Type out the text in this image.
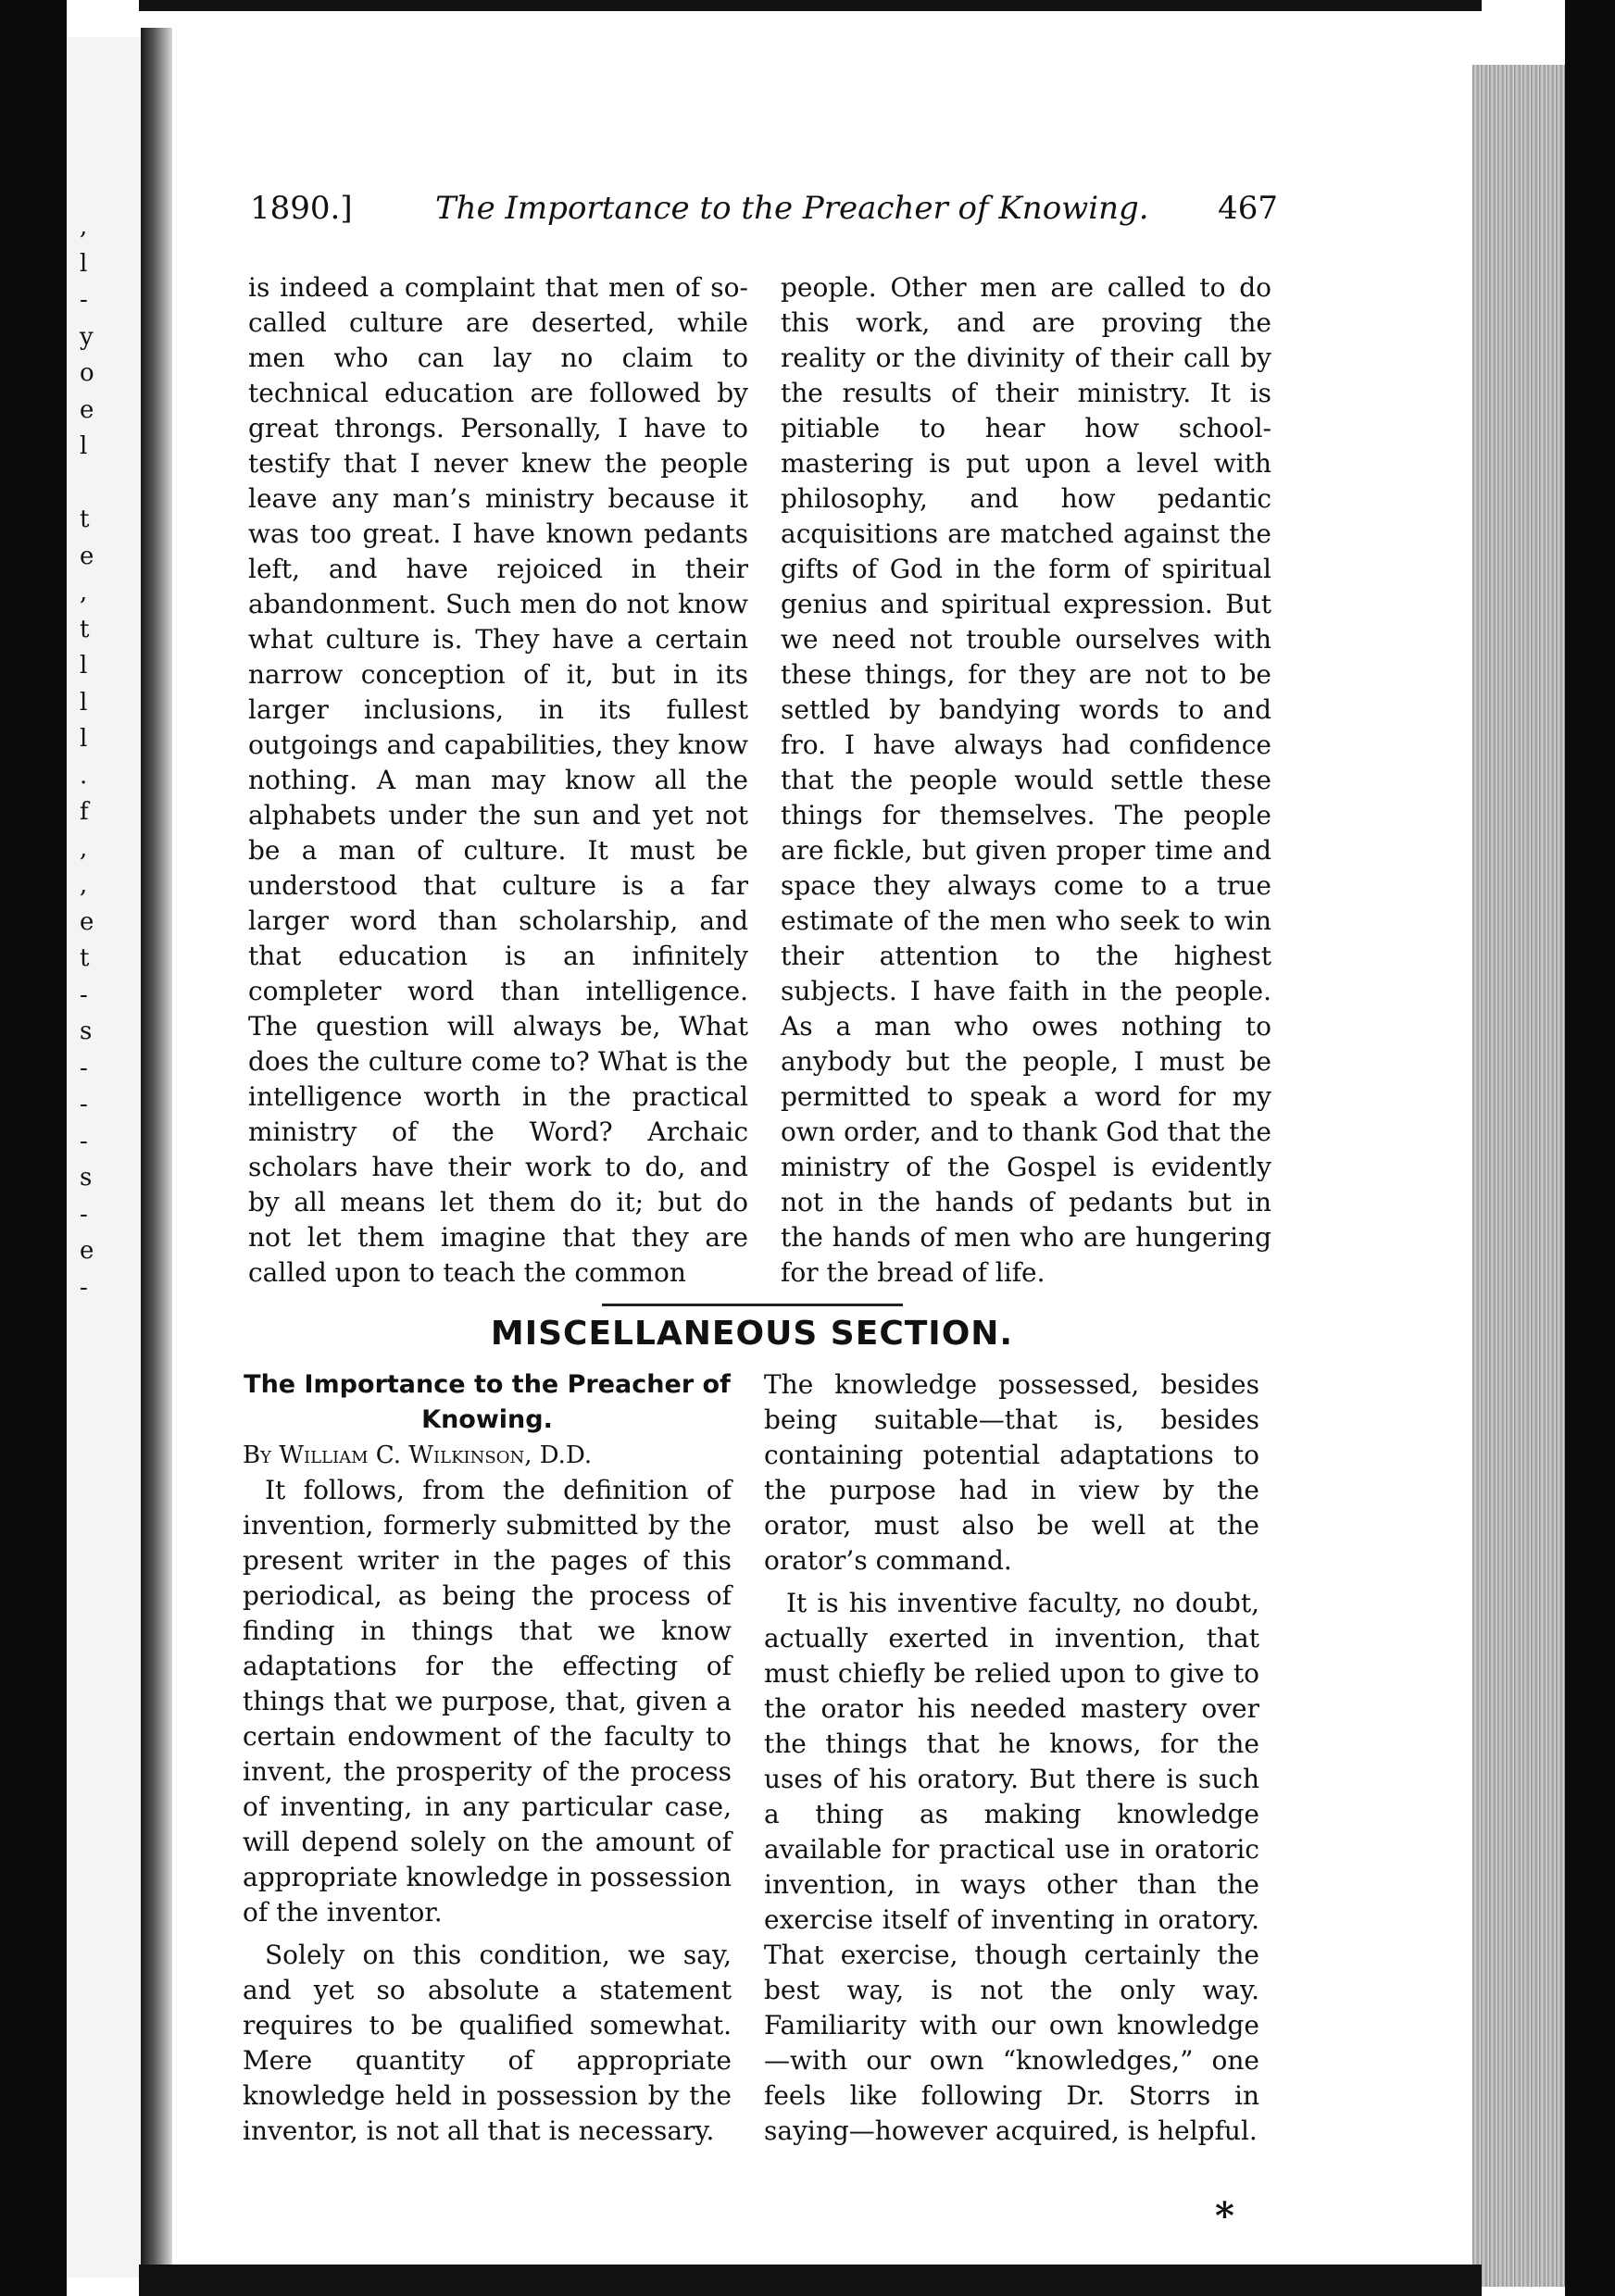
,
l
-
y
o
e
l
t
e
,
t
l
l
l
.
f
,
,
e
t
-
s
-
-
-
s
-
e
-
1890.]	The Importance to the Preacher of Knowing. 467

is indeed a complaint that men of so-called culture are deserted, while men who can lay no claim to technical education are followed by great throngs. Personally, I have to testify that I never knew the people leave any man’s ministry because it was too great. I have known pedants left, and have rejoiced in their abandonment. Such men do not know what culture is. They have a certain narrow conception of it, but in its larger inclusions, in its fullest outgoings and capabilities, they know nothing. A man may know all the alphabets under the sun and yet not be a man of culture. It must be understood that culture is a far larger word than scholarship, and that education is an infinitely completer word than intelligence. The question will always be, What does the culture come to? What is the intelligence worth in the practical ministry of the Word? Archaic scholars have their work to do, and by all means let them do it; but do not let them imagine that they are called upon to teach the common

people. Other men are called to do this work, and are proving the reality or the divinity of their call by the results of their ministry. It is pitiable to hear how school-mastering is put upon a level with philosophy, and how pedantic acquisitions are matched against the gifts of God in the form of spiritual genius and spiritual expression. But we need not trouble ourselves with these things, for they are not to be settled by bandying words to and fro. I have always had confidence that the people would settle these things for themselves. The people are fickle, but given proper time and space they always come to a true estimate of the men who seek to win their attention to the highest subjects. I have faith in the people. As a man who owes nothing to anybody but the people, I must be permitted to speak a word for my own order, and to thank God that the ministry of the Gospel is evidently not in the hands of pedants but in the hands of men who are hungering for the bread of life.

MISCELLANEOUS SECTION.

The Importance to the Preacher of Knowing.

By William C. Wilkinson, D.D.

It follows, from the definition of invention, formerly submitted by the present writer in the pages of this periodical, as being the process of finding in things that we know adaptations for the effecting of things that we purpose, that, given a certain endowment of the faculty to invent, the prosperity of the process of inventing, in any particular case, will depend solely on the amount of appropriate knowledge in possession of the inventor.

Solely on this condition, we say, and yet so absolute a statement requires to be qualified somewhat. Mere quantity of appropriate knowledge held in possession by the inventor, is not all that is necessary.

The knowledge possessed, besides being suitable—that is, besides containing potential adaptations to the purpose had in view by the orator, must also be well at the orator’s command.

It is his inventive faculty, no doubt, actually exerted in invention, that must chiefly be relied upon to give to the orator his needed mastery over the things that he knows, for the uses of his oratory. But there is such a thing as making knowledge available for practical use in oratoric invention, in ways other than the exercise itself of inventing in oratory. That exercise, though certainly the best way, is not the only way. Familiarity with our own knowledge—with our own “knowledges,” one feels like following Dr. Storrs in saying—however acquired, is helpful.

*
